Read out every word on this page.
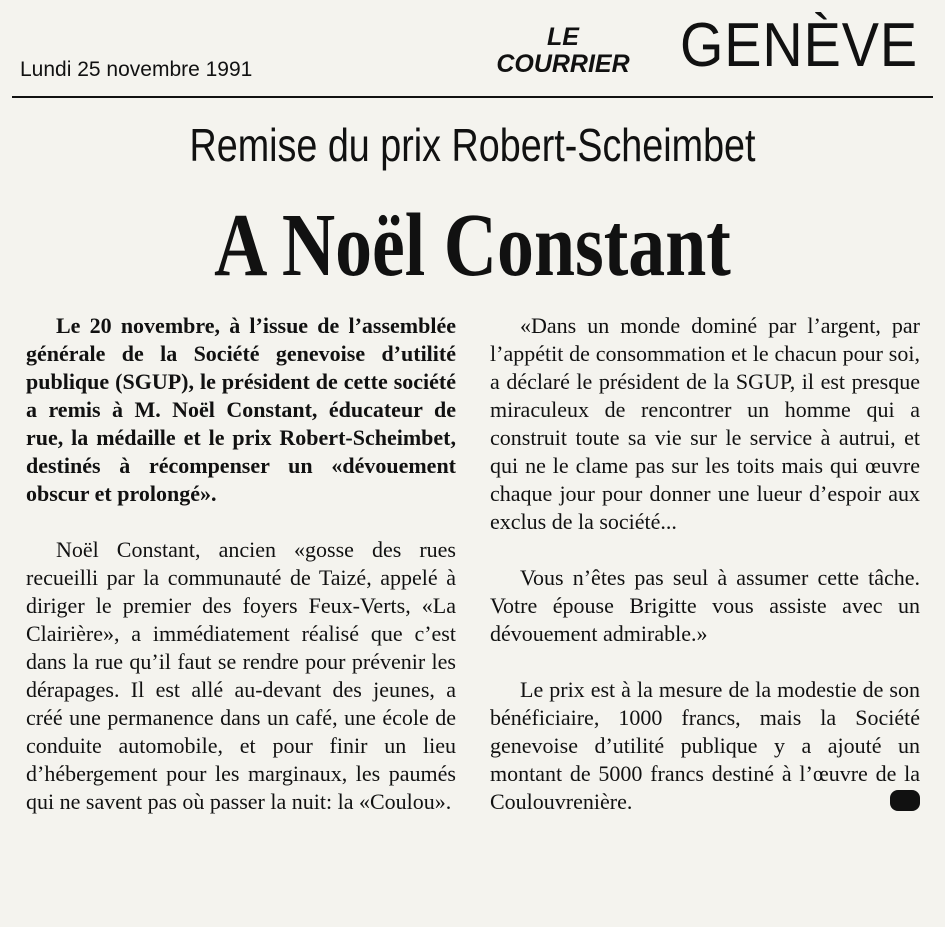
Lundi 25 novembre 1991
LE
COURRIER GENÈVE
Remise du prix Robert-Scheimbet
A Noël Constant

Le 20 novembre, à l’issue de l’assemblée générale de la Société genevoise d’utilité publique (SGUP), le président de cette société a remis à M. Noël Constant, éducateur de rue, la médaille et le prix Robert-Scheimbet, destinés à récompenser un «dévouement obscur et prolongé».

Noël Constant, ancien «gosse des rues recueilli par la communauté de Taizé, appelé à diriger le premier des foyers Feux-Verts, «La Clairière», a immédiatement réalisé que c’est dans la rue qu’il faut se rendre pour prévenir les dérapages. Il est allé au-devant des jeunes, a créé une permanence dans un café, une école de conduite automobile, et pour finir un lieu d’hébergement pour les marginaux, les paumés qui ne savent pas où passer la nuit: la «Coulou».

«Dans un monde dominé par l’argent, par l’appétit de consommation et le chacun pour soi, a déclaré le président de la SGUP, il est presque miraculeux de rencontrer un homme qui a construit toute sa vie sur le service à autrui, et qui ne le clame pas sur les toits mais qui œuvre chaque jour pour donner une lueur d’espoir aux exclus de la société...

Vous n’êtes pas seul à assumer cette tâche. Votre épouse Brigitte vous assiste avec un dévouement admirable.»

Le prix est à la mesure de la modestie de son bénéficiaire, 1000 francs, mais la Société genevoise d’utilité publique y a ajouté un montant de 5000 francs destiné à l’œuvre de la Coulouvrenière.	CO
